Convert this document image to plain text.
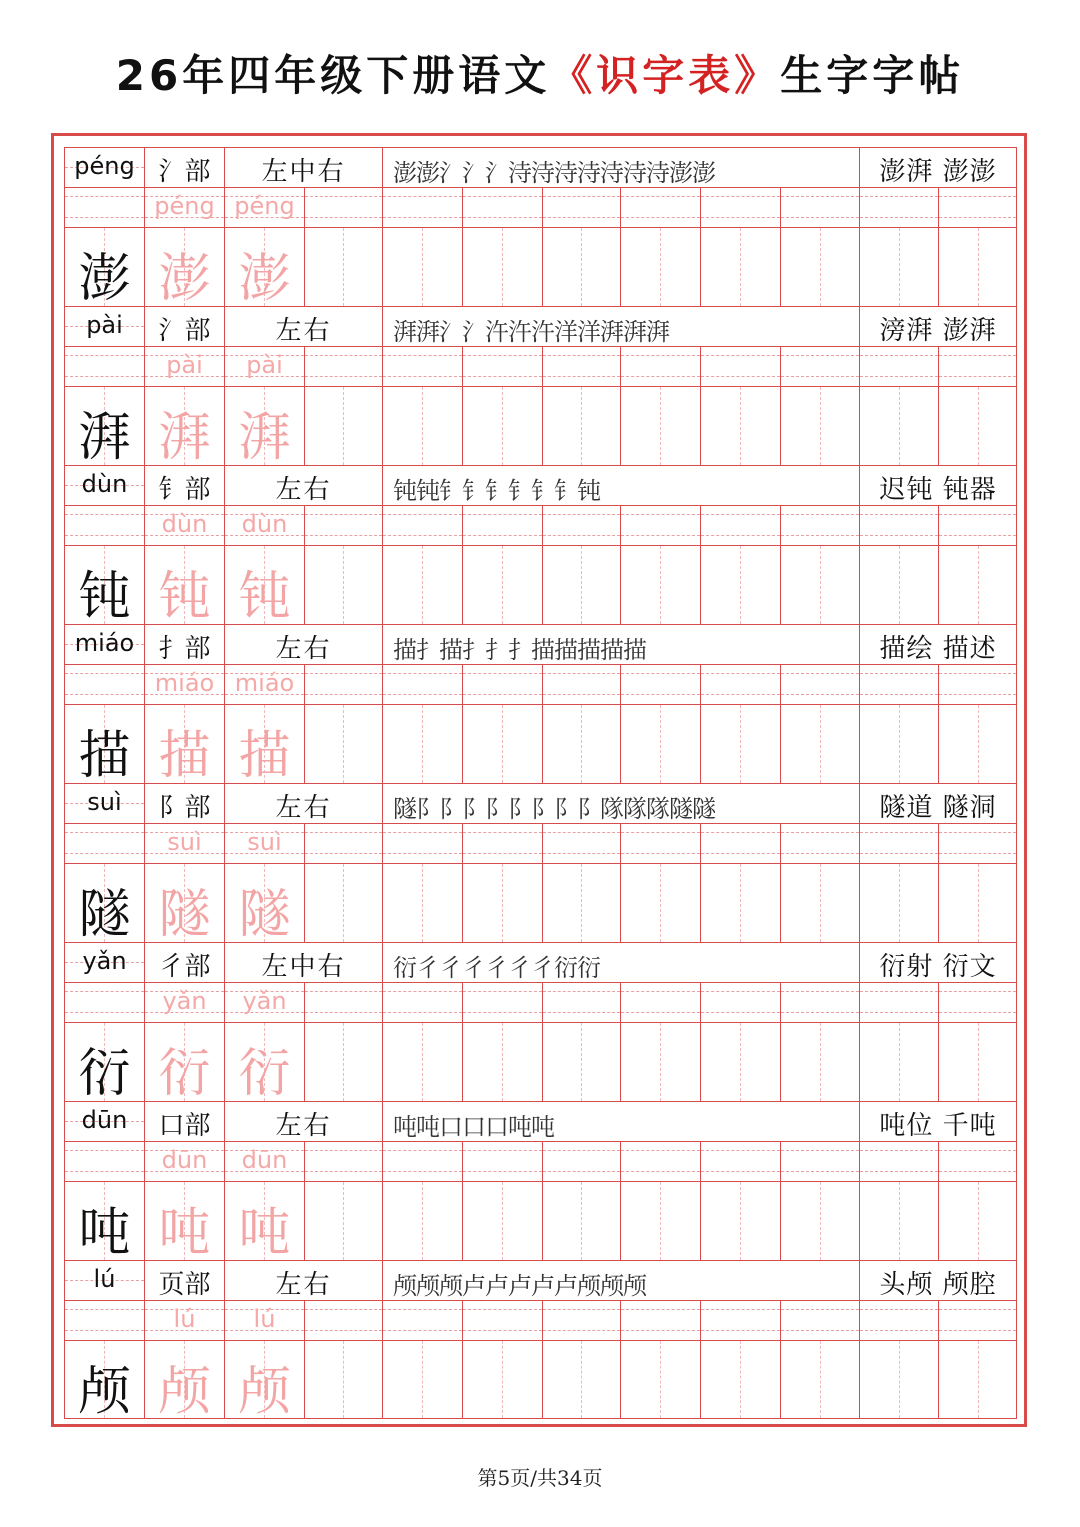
26年四年级下册语文《识字表》生字字帖
péng 氵部	左中右	澎澎氵氵氵洔洔洔洔洔洔洔澎澎	澎湃 澎澎
péng péng
澎 澎 澎
pài	氵部	左右	湃湃氵氵汻汻汻洋洋湃湃湃	滂湃 澎湃
pài	pài
湃 湃 湃
dùn	钅部	左右	钝钝钅钅钅钅钅钅钝	迟钝 钝器
dùn	dùn
钝 钝 钝
miáo 扌部	左右	描扌描扌扌扌描描描描描	描绘 描述
miáo miáo
描 描 描
suì	阝部	左右	隧阝阝阝阝阝阝阝阝隊隊隊隧隧	隧道 隧洞
suì	suì
隧 隧 隧
yǎn	彳部	左中右	衍彳彳彳彳彳彳衍衍	衍射 衍文
yǎn	yǎn
衍 衍 衍
dūn	口部	左右	吨吨口口口吨吨	吨位 千吨
dūn	dūn
吨 吨 吨
lú	页部	左右	颅颅颅卢卢卢卢卢颅颅颅	头颅 颅腔
lú	lú
颅 颅 颅
第5页/共34页
